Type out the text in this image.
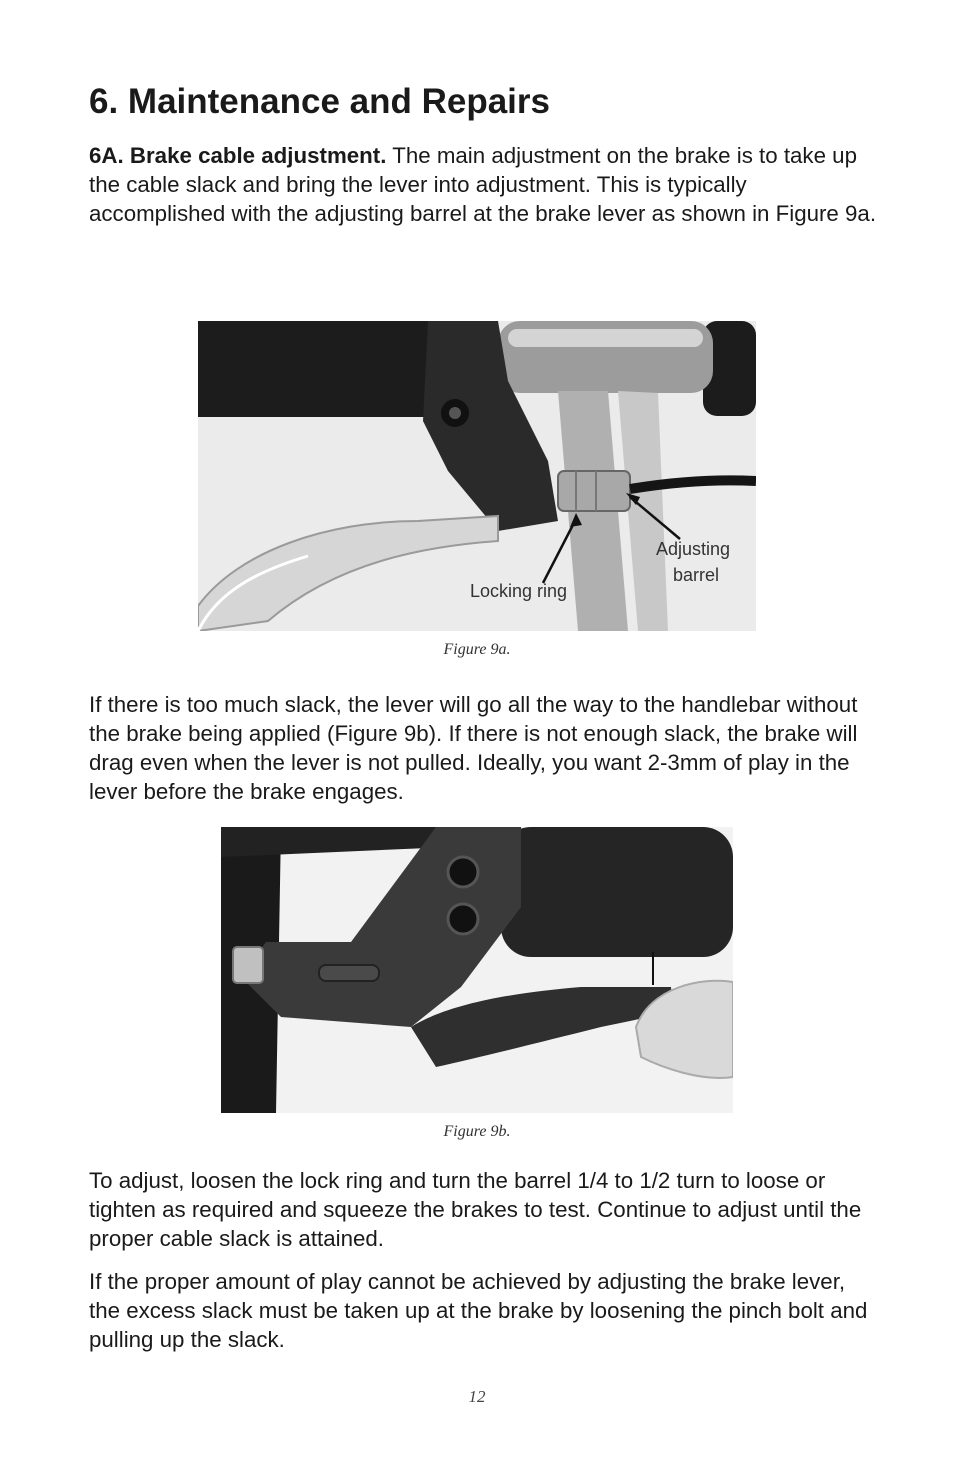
6. Maintenance and Repairs

6A. Brake cable adjustment. The main adjustment on the brake is to take up the cable slack and bring the lever into adjustment. This is typically accomplished with the adjusting barrel at the brake lever as shown in Figure 9a.

Locking ring
Adjusting
barrel
Figure 9a.

If there is too much slack, the lever will go all the way to the handlebar without the brake being applied (Figure 9b). If there is not enough slack, the brake will drag even when the lever is not pulled. Ideally, you want 2-3mm of play in the lever before the brake engages.

Figure 9b.

To adjust, loosen the lock ring and turn the barrel 1/4 to 1/2 turn to loose or tighten as required and squeeze the brakes to test. Continue to adjust until the proper cable slack is attained.

If the proper amount of play cannot be achieved by adjusting the brake lever, the excess slack must be taken up at the brake by loosening the pinch bolt and pulling up the slack.

12
